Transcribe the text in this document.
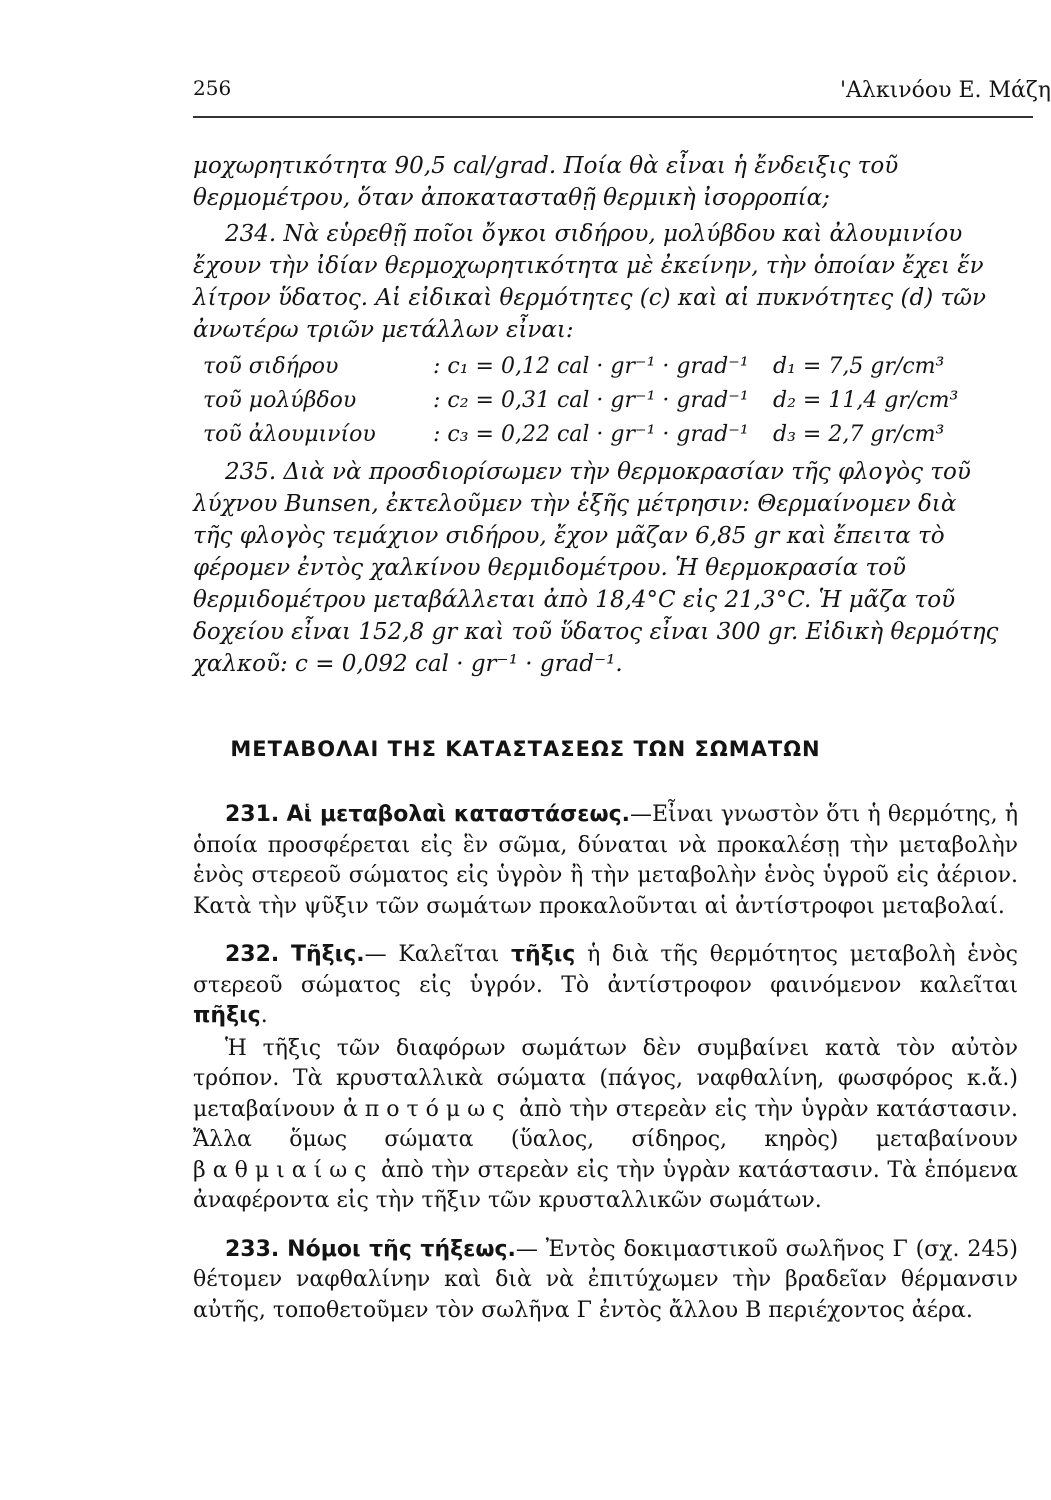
256	'Αλκινόου Ε. Μάζη

μοχωρητικότητα 90,5 cal/grad. Ποία θὰ εἶναι ἡ ἔνδειξις τοῦ θερμομέτρου, ὅταν ἀποκατασταθῇ θερμικὴ ἰσορροπία;

234. Νὰ εὑρεθῇ ποῖοι ὄγκοι σιδήρου, μολύβδου καὶ ἀλουμινίου ἔχουν τὴν ἰδίαν θερμοχωρητικότητα μὲ ἐκείνην, τὴν ὁποίαν ἔχει ἕν λίτρον ὕδατος. Αἱ εἰδικαὶ θερμότητες (c) καὶ αἱ πυκνότητες (d) τῶν ἀνωτέρω τριῶν μετάλλων εἶναι:

τοῦ σιδήρου	: c₁ = 0,12 cal · gr⁻¹ · grad⁻¹	d₁ = 7,5 gr/cm³
τοῦ μολύβδου	: c₂ = 0,31 cal · gr⁻¹ · grad⁻¹	d₂ = 11,4 gr/cm³
τοῦ ἀλουμινίου	: c₃ = 0,22 cal · gr⁻¹ · grad⁻¹	d₃ = 2,7 gr/cm³

235. Διὰ νὰ προσδιορίσωμεν τὴν θερμοκρασίαν τῆς φλογὸς τοῦ λύχνου Bunsen, ἐκτελοῦμεν τὴν ἑξῆς μέτρησιν: Θερμαίνομεν διὰ τῆς φλογὸς τεμάχιον σιδήρου, ἔχον μᾶζαν 6,85 gr καὶ ἔπειτα τὸ φέρομεν ἐντὸς χαλκίνου θερμιδομέτρου. Ἡ θερμοκρασία τοῦ θερμιδομέτρου μεταβάλλεται ἀπὸ 18,4°C εἰς 21,3°C. Ἡ μᾶζα τοῦ δοχείου εἶναι 152,8 gr καὶ τοῦ ὕδατος εἶναι 300 gr. Εἰδικὴ θερμότης χαλκοῦ: c = 0,092 cal · gr⁻¹ · grad⁻¹.

ΜΕΤΑΒΟΛΑΙ ΤΗΣ ΚΑΤΑΣΤΑΣΕΩΣ ΤΩΝ ΣΩΜΑΤΩΝ

231. Αἱ μεταβολαὶ καταστάσεως.—Εἶναι γνωστὸν ὅτι ἡ θερμότης, ἡ ὁποία προσφέρεται εἰς ἓν σῶμα, δύναται νὰ προκαλέσῃ τὴν μεταβολὴν ἑνὸς στερεοῦ σώματος εἰς ὑγρὸν ἢ τὴν μεταβολὴν ἑνὸς ὑγροῦ εἰς ἀέριον. Κατὰ τὴν ψῦξιν τῶν σωμάτων προκαλοῦνται αἱ ἀντίστροφοι μεταβολαί.

232. Τῆξις.— Καλεῖται τῆξις ἡ διὰ τῆς θερμότητος μεταβολὴ ἑνὸς στερεοῦ σώματος εἰς ὑγρόν. Τὸ ἀντίστροφον φαινόμενον καλεῖται πῆξις.

Ἡ τῆξις τῶν διαφόρων σωμάτων δὲν συμβαίνει κατὰ τὸν αὐτὸν τρόπον. Τὰ κρυσταλλικὰ σώματα (πάγος, ναφθαλίνη, φωσφόρος κ.ἄ.) μεταβαίνουν ἀποτόμως ἀπὸ τὴν στερεὰν εἰς τὴν ὑγρὰν κατάστασιν. Ἄλλα ὅμως σώματα (ὕαλος, σίδηρος, κηρὸς) μεταβαίνουν βαθμιαίως ἀπὸ τὴν στερεὰν εἰς τὴν ὑγρὰν κατάστασιν. Τὰ ἑπόμενα ἀναφέροντα εἰς τὴν τῆξιν τῶν κρυσταλλικῶν σωμάτων.

233. Νόμοι τῆς τήξεως.— Ἐντὸς δοκιμαστικοῦ σωλῆνος Γ (σχ. 245) θέτομεν ναφθαλίνην καὶ διὰ νὰ ἐπιτύχωμεν τὴν βραδεῖαν θέρμανσιν αὐτῆς, τοποθετοῦμεν τὸν σωλῆνα Γ ἐντὸς ἄλλου Β περιέχοντος ἀέρα.
